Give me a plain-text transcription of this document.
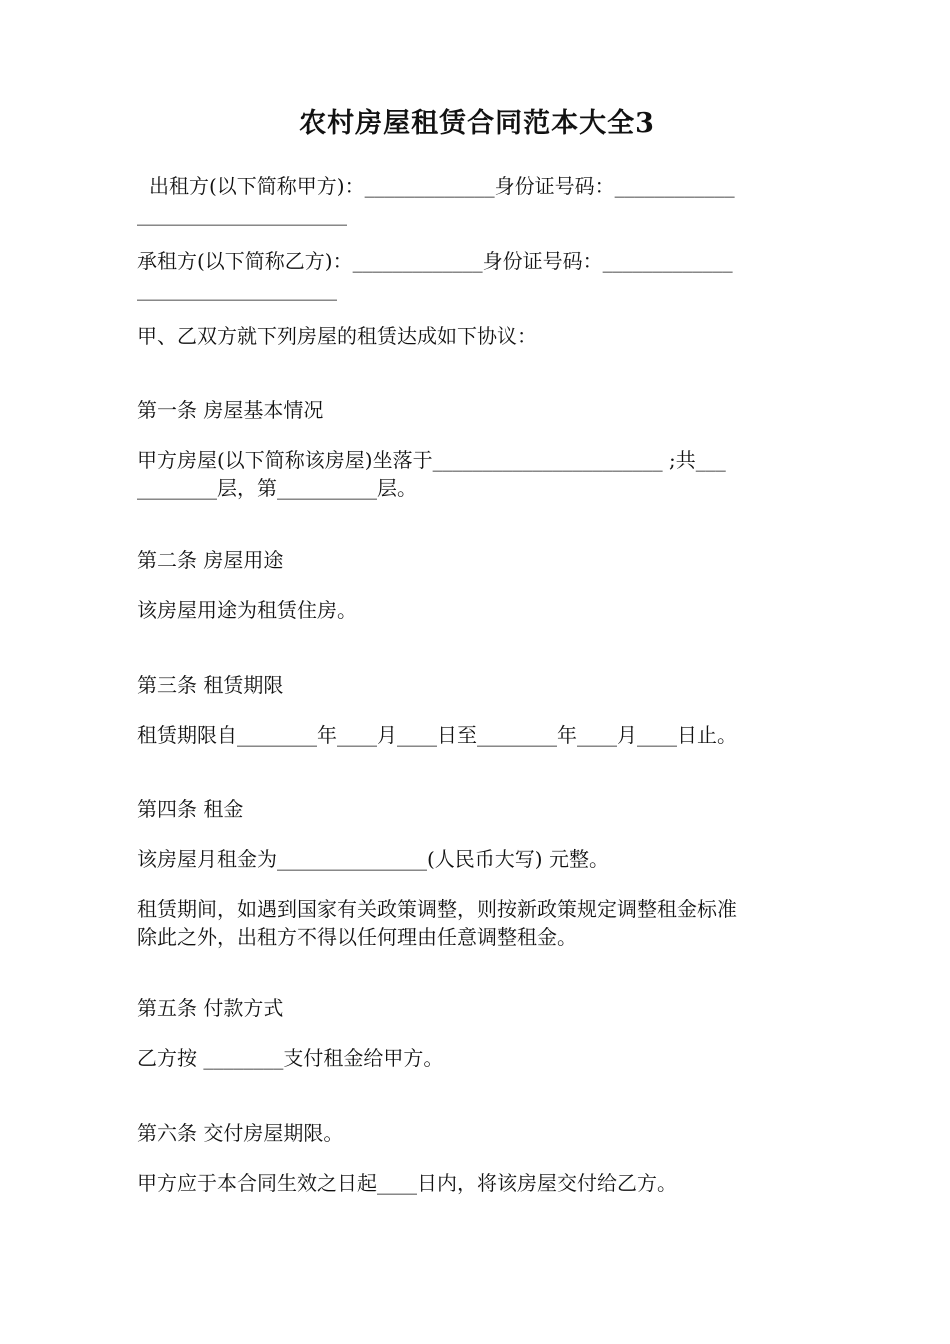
农村房屋租赁合同范本大全3
出租方(以下简称甲方)：_____________身份证号码：____________
_____________________
承租方(以下简称乙方)：_____________身份证号码：_____________
____________________
甲、乙双方就下列房屋的租赁达成如下协议：
第一条 房屋基本情况
甲方房屋(以下简称该房屋)坐落于_______________________ ;共___
________层，第__________层。
第二条 房屋用途
该房屋用途为租赁住房。
第三条 租赁期限
租赁期限自________年____月____日至________年____月____日止。
第四条 租金
该房屋月租金为_______________(人民币大写) 元整。
租赁期间，如遇到国家有关政策调整，则按新政策规定调整租金标准
除此之外，出租方不得以任何理由任意调整租金。
第五条 付款方式
乙方按 ________支付租金给甲方。
第六条 交付房屋期限。
甲方应于本合同生效之日起____日内，将该房屋交付给乙方。
